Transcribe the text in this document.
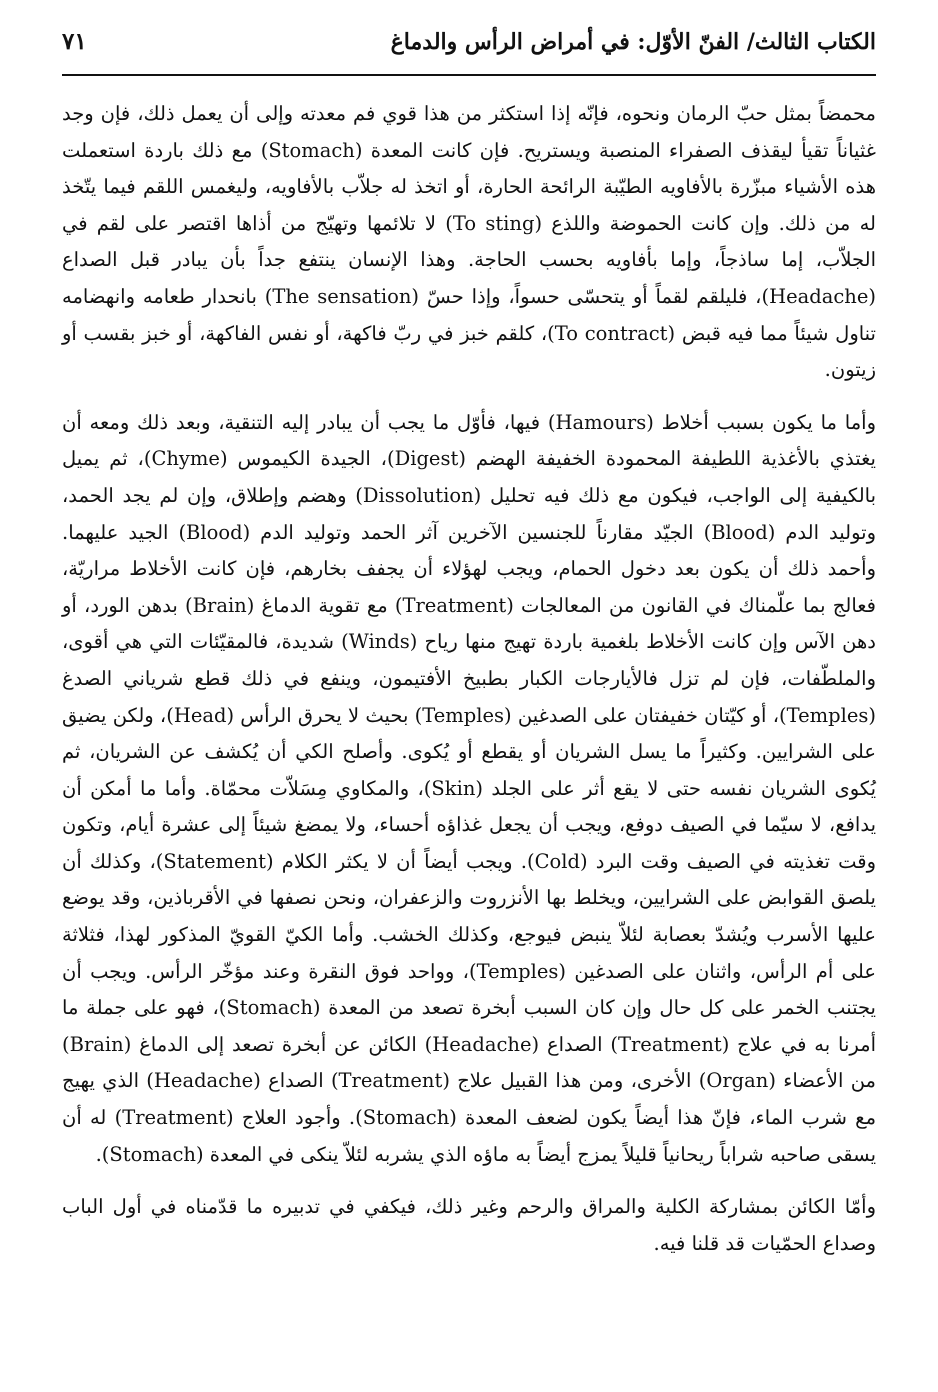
الكتاب الثالث/ الفنّ الأوّل: في أمراض الرأس والدماغ
٧١

محمضاً بمثل حبّ الرمان ونحوه، فإنّه إذا استكثر من هذا قوي فم معدته وإلى أن يعمل ذلك، فإن وجد غثياناً تقيأ ليقذف الصفراء المنصبة ويستريح. فإن كانت المعدة (Stomach) مع ذلك باردة استعملت هذه الأشياء مبزّرة بالأفاويه الطيّبة الرائحة الحارة، أو اتخذ له جلاّب بالأفاويه، وليغمس اللقم فيما يتّخذ له من ذلك. وإن كانت الحموضة واللذع (To sting) لا تلائمها وتهيّج من أذاها اقتصر على لقم في الجلاّب، إما ساذجاً، وإما بأفاويه بحسب الحاجة. وهذا الإنسان ينتفع جداً بأن يبادر قبل الصداع (Headache)، فليلقم لقماً أو يتحسّى حسواً، وإذا حسّ (The sensation) بانحدار طعامه وانهضامه تناول شيئاً مما فيه قبض (To contract)، كلقم خبز في ربّ فاكهة، أو نفس الفاكهة، أو خبز بقسب أو زيتون.

وأما ما يكون بسبب أخلاط (Hamours) فيها، فأوّل ما يجب أن يبادر إليه التنقية، وبعد ذلك ومعه أن يغتذي بالأغذية اللطيفة المحمودة الخفيفة الهضم (Digest)، الجيدة الكيموس (Chyme)، ثم يميل بالكيفية إلى الواجب، فيكون مع ذلك فيه تحليل (Dissolution) وهضم وإطلاق، وإن لم يجد الحمد، وتوليد الدم (Blood) الجيّد مقارناً للجنسين الآخرين آثر الحمد وتوليد الدم (Blood) الجيد عليهما. وأحمد ذلك أن يكون بعد دخول الحمام، ويجب لهؤلاء أن يجفف بخارهم، فإن كانت الأخلاط مراريّة، فعالج بما علّمناك في القانون من المعالجات (Treatment) مع تقوية الدماغ (Brain) بدهن الورد، أو دهن الآس وإن كانت الأخلاط بلغمية باردة تهيج منها رياح (Winds) شديدة، فالمقيّئات التي هي أقوى، والملطّفات، فإن لم تزل فالأيارجات الكبار بطبيخ الأفتيمون، وينفع في ذلك قطع شرياني الصدغ (Temples)، أو كيّتان خفيفتان على الصدغين (Temples) بحيث لا يحرق الرأس (Head)، ولكن يضيق على الشرايين. وكثيراً ما يسل الشريان أو يقطع أو يُكوى. وأصلح الكي أن يُكشف عن الشريان، ثم يُكوى الشريان نفسه حتى لا يقع أثر على الجلد (Skin)، والمكاوي مِسَلاّت محمّاة. وأما ما أمكن أن يدافع، لا سيّما في الصيف دوفع، ويجب أن يجعل غذاؤه أحساء، ولا يمضغ شيئاً إلى عشرة أيام، وتكون وقت تغذيته في الصيف وقت البرد (Cold). ويجب أيضاً أن لا يكثر الكلام (Statement)، وكذلك أن يلصق القوابض على الشرايين، ويخلط بها الأنزروت والزعفران، ونحن نصفها في الأقرباذين، وقد يوضع عليها الأسرب ويُشدّ بعصابة لئلاّ ينبض فيوجع، وكذلك الخشب. وأما الكيّ القويّ المذكور لهذا، فثلاثة على أم الرأس، واثنان على الصدغين (Temples)، وواحد فوق النقرة وعند مؤخّر الرأس. ويجب أن يجتنب الخمر على كل حال وإن كان السبب أبخرة تصعد من المعدة (Stomach)، فهو على جملة ما أمرنا به في علاج (Treatment) الصداع (Headache) الكائن عن أبخرة تصعد إلى الدماغ (Brain) من الأعضاء (Organ) الأخرى، ومن هذا القبيل علاج (Treatment) الصداع (Headache) الذي يهيج مع شرب الماء، فإنّ هذا أيضاً يكون لضعف المعدة (Stomach). وأجود العلاج (Treatment) له أن يسقى صاحبه شراباً ريحانياً قليلاً يمزج أيضاً به ماؤه الذي يشربه لئلاّ ينكى في المعدة (Stomach).

وأمّا الكائن بمشاركة الكلية والمراق والرحم وغير ذلك، فيكفي في تدبيره ما قدّمناه في أول الباب وصداع الحمّيات قد قلنا فيه.
